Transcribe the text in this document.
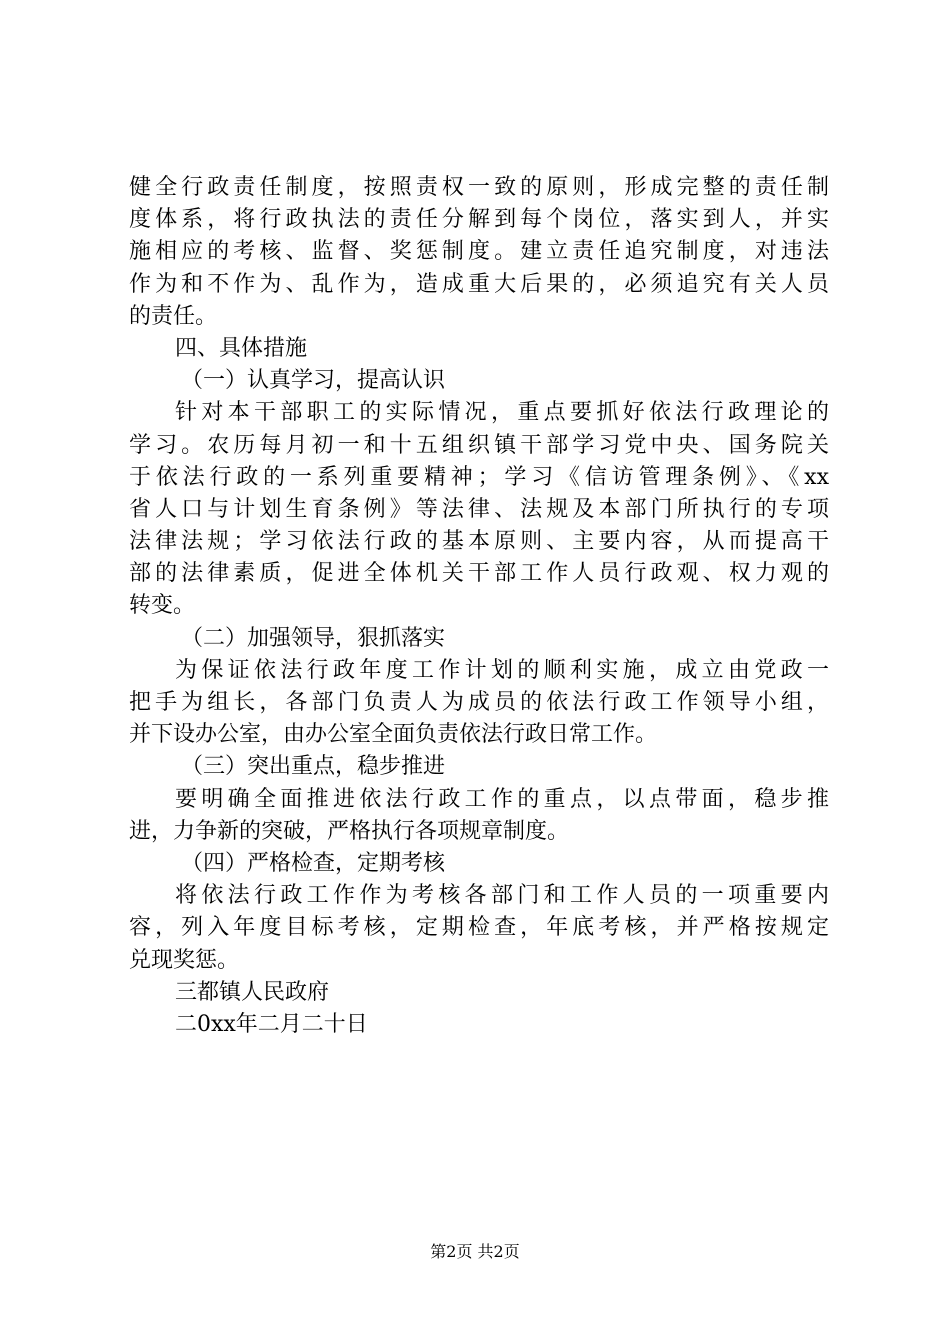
健全行政责任制度，按照责权一致的原则，形成完整的责任制
度体系，将行政执法的责任分解到每个岗位，落实到人，并实
施相应的考核、监督、奖惩制度。建立责任追究制度，对违法
作为和不作为、乱作为，造成重大后果的，必须追究有关人员
的责任。
四、具体措施
（一）认真学习，提高认识
针对本干部职工的实际情况，重点要抓好依法行政理论的
学习。农历每月初一和十五组织镇干部学习党中央、国务院关
于依法行政的一系列重要精神；学习《信访管理条例》、《xx
省人口与计划生育条例》等法律、法规及本部门所执行的专项
法律法规；学习依法行政的基本原则、主要内容，从而提高干
部的法律素质，促进全体机关干部工作人员行政观、权力观的
转变。
（二）加强领导，狠抓落实
为保证依法行政年度工作计划的顺利实施，成立由党政一
把手为组长，各部门负责人为成员的依法行政工作领导小组，
并下设办公室，由办公室全面负责依法行政日常工作。
（三）突出重点，稳步推进
要明确全面推进依法行政工作的重点，以点带面，稳步推
进，力争新的突破，严格执行各项规章制度。
（四）严格检查，定期考核
将依法行政工作作为考核各部门和工作人员的一项重要内
容，列入年度目标考核，定期检查，年底考核，并严格按规定
兑现奖惩。
三都镇人民政府
二0xx年二月二十日
第2页 共2页
